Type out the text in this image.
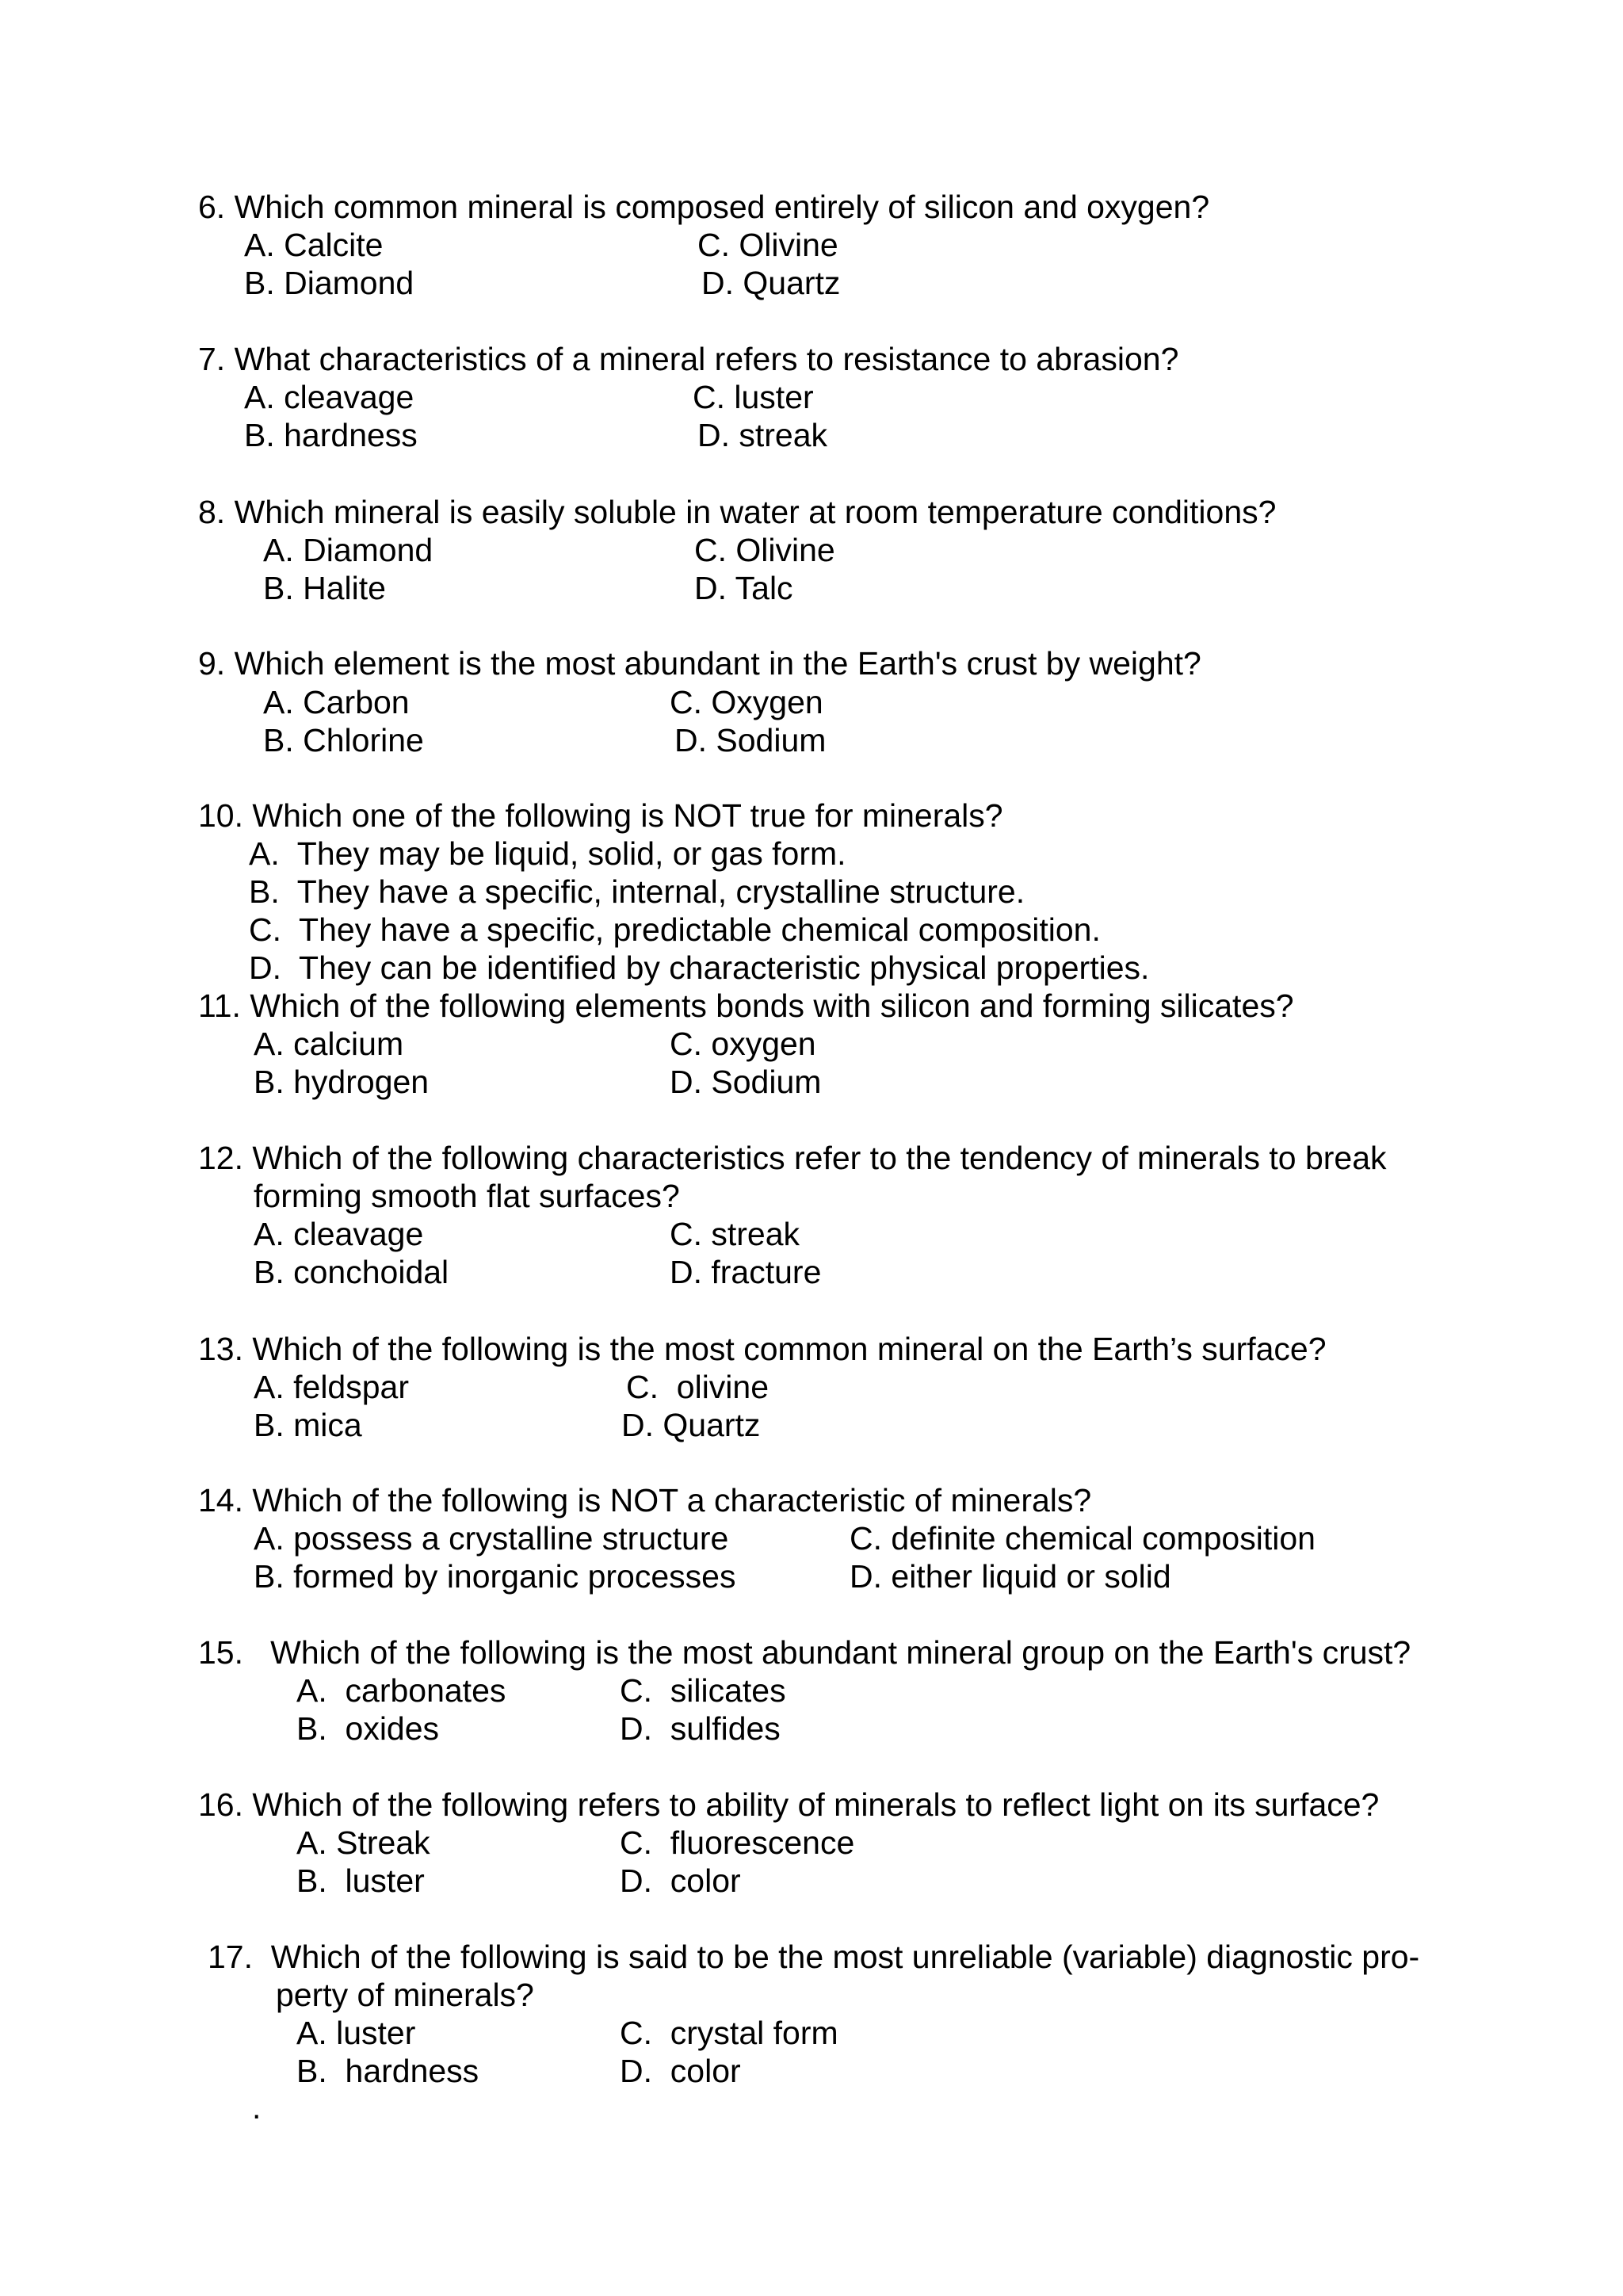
6. Which common mineral is composed entirely of silicon and oxygen?
A. Calcite
B. Diamond
C. Olivine
D. Quartz
7. What characteristics of a mineral refers to resistance to abrasion?
A. cleavage
B. hardness
C. luster
D. streak
8. Which mineral is easily soluble in water at room temperature conditions?
A. Diamond
B. Halite
C. Olivine
D. Talc
9. Which element is the most abundant in the Earth's crust by weight?
A. Carbon
B. Chlorine
C. Oxygen
D. Sodium
10. Which one of the following is NOT true for minerals?
A.  They may be liquid, solid, or gas form.
B.  They have a specific, internal, crystalline structure.
C.  They have a specific, predictable chemical composition.
D.  They can be identified by characteristic physical properties.
11. Which of the following elements bonds with silicon and forming silicates?
A. calcium
B. hydrogen
C. oxygen
D. Sodium
12. Which of the following characteristics refer to the tendency of minerals to break
forming smooth flat surfaces?
A. cleavage
B. conchoidal
C. streak
D. fracture
13. Which of the following is the most common mineral on the Earth’s surface?
A. feldspar
B. mica
C.  olivine
D. Quartz
14. Which of the following is NOT a characteristic of minerals?
A. possess a crystalline structure
B. formed by inorganic processes
C. definite chemical composition
D. either liquid or solid
15.   Which of the following is the most abundant mineral group on the Earth's crust?
A.  carbonates
B.  oxides
C.  silicates
D.  sulfides
16. Which of the following refers to ability of minerals to reflect light on its surface?
A. Streak
B.  luster
C.  fluorescence
D.  color
17.  Which of the following is said to be the most unreliable (variable) diagnostic pro-
perty of minerals?
A. luster
B.  hardness
C.  crystal form
D.  color
.
